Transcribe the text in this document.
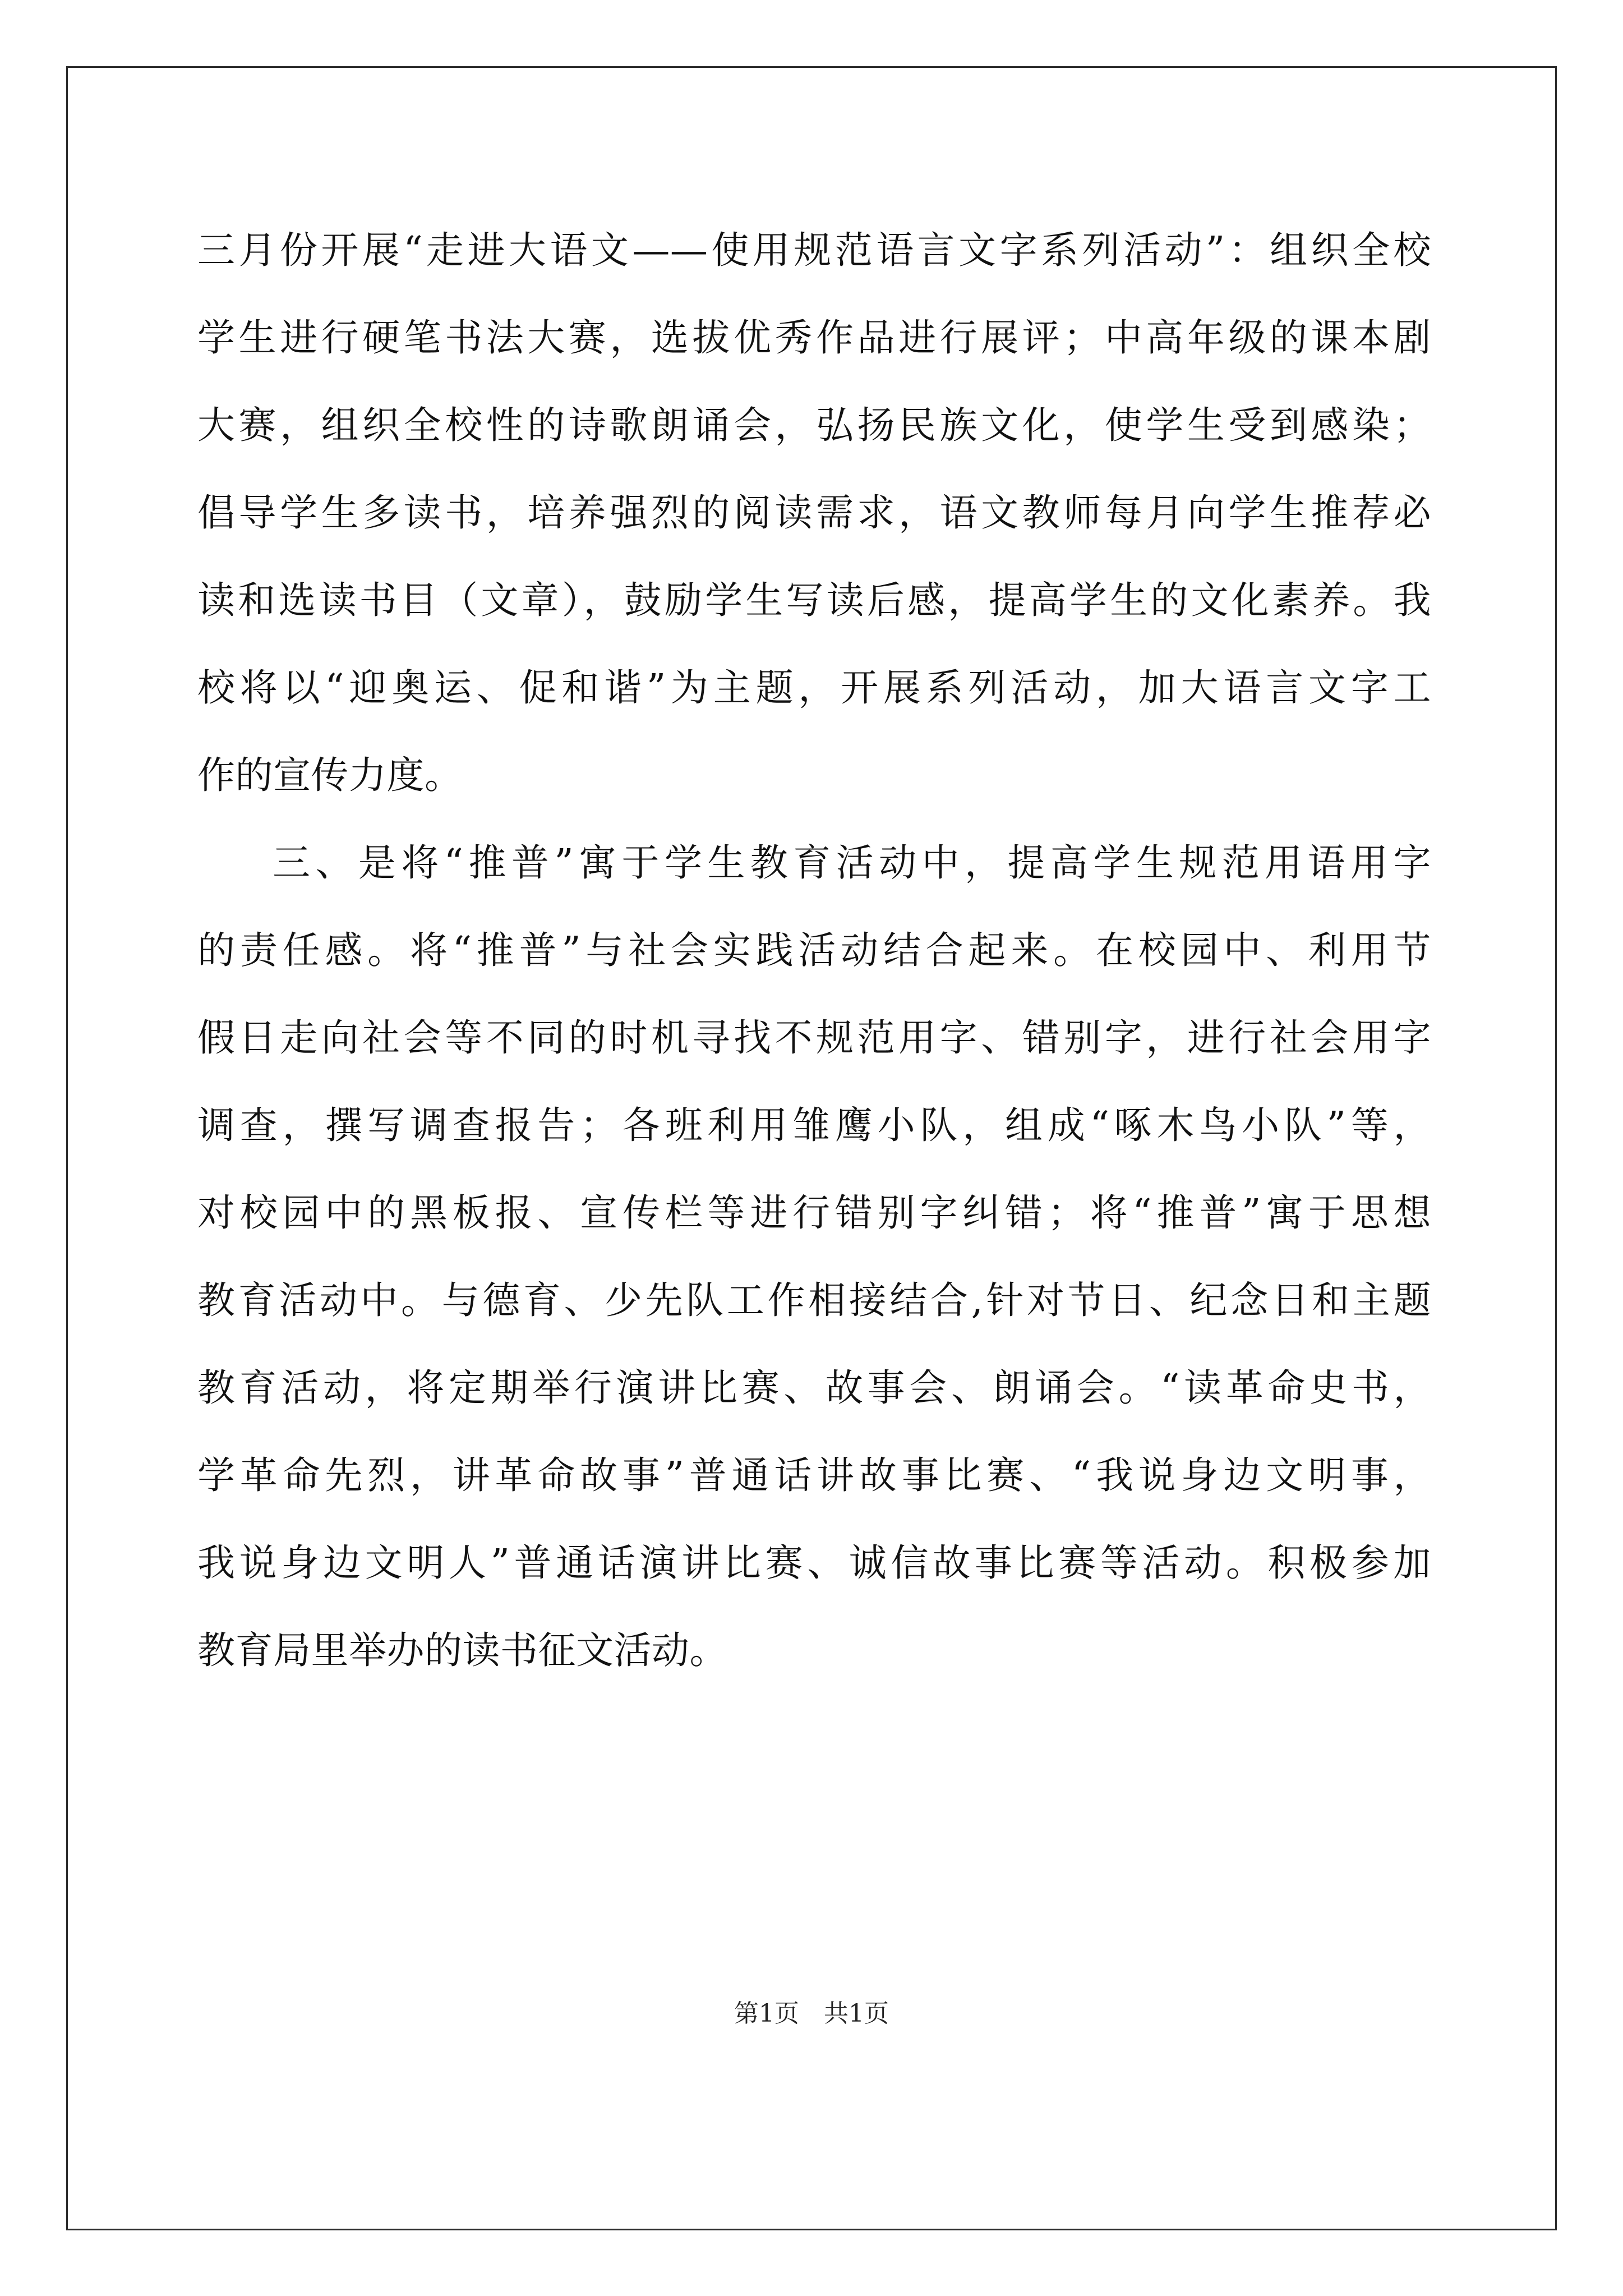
三月份开展“走进大语文——使用规范语言文字系列活动”：组织全校
学生进行硬笔书法大赛，选拔优秀作品进行展评；中高年级的课本剧
大赛，组织全校性的诗歌朗诵会，弘扬民族文化，使学生受到感染；
倡导学生多读书，培养强烈的阅读需求，语文教师每月向学生推荐必
读和选读书目（文章），鼓励学生写读后感，提高学生的文化素养。我
校将以“迎奥运、促和谐”为主题，开展系列活动，加大语言文字工
作的宣传力度。
三、是将“推普”寓于学生教育活动中，提高学生规范用语用字
的责任感。将“推普”与社会实践活动结合起来。在校园中、利用节
假日走向社会等不同的时机寻找不规范用字、错别字，进行社会用字
调查，撰写调查报告；各班利用雏鹰小队，组成“啄木鸟小队”等，
对校园中的黑板报、宣传栏等进行错别字纠错；将“推普”寓于思想
教育活动中。与德育、少先队工作相接结合,针对节日、纪念日和主题
教育活动，将定期举行演讲比赛、故事会、朗诵会。“读革命史书，
学革命先烈，讲革命故事”普通话讲故事比赛、“我说身边文明事，
我说身边文明人”普通话演讲比赛、诚信故事比赛等活动。积极参加
教育局里举办的读书征文活动。
第1页 共1页
